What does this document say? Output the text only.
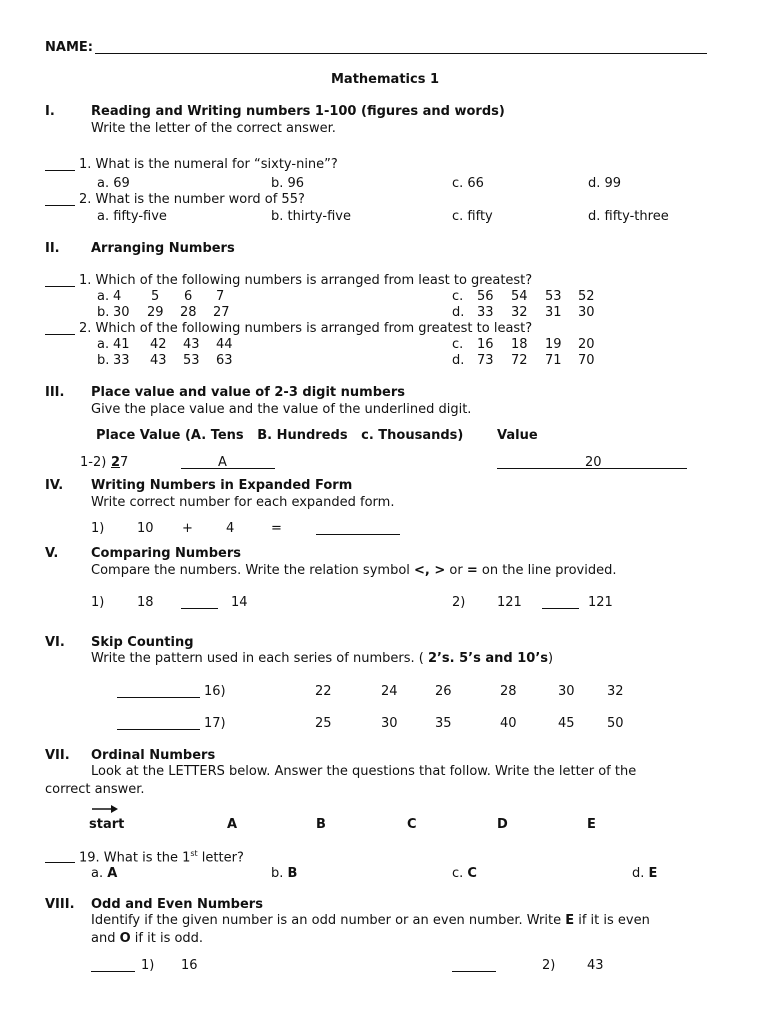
NAME:
Mathematics 1
I.	Reading and Writing numbers 1-100 (figures and words)
Write the letter of the correct answer.
1. What is the numeral for “sixty-nine”?
a. 69	b. 96	c. 66	d. 99
2. What is the number word of 55?
a. fifty-five	b. thirty-five	c. fifty	d. fifty-three
II. Arranging Numbers
1. Which of the following numbers is arranged from least to greatest?
a. 4 5 6 7	c. 56 54 53 52
b. 30 29 28 27	d. 33 32 31 30
2. Which of the following numbers is arranged from greatest to least?
a. 41 42 43 44	c. 16 18 19 20
b. 33 43 53 63	d. 73 72 71 70
III. Place value and value of 2-3 digit numbers
Give the place value and the value of the underlined digit.
Place Value (A. Tens   B. Hundreds   c. Thousands)	Value
1-2) 2 7	A	20
IV. Writing Numbers in Expanded Form
Write correct number for each expanded form.
1)	10 +	4	=
V.	Comparing Numbers
Compare the numbers. Write the relation symbol <, > or = on the line provided.
1)	18	14	2) 121	121
VI. Skip Counting
Write the pattern used in each series of numbers. ( 2’s. 5’s and 10’s)
16)	22	24	26	28	30 32
17)	25	30	35	40	45 50
VII. Ordinal Numbers
Look at the LETTERS below. Answer the questions that follow. Write the letter of the
correct answer.
start	A	B	C	D	E
19. What is the 1st letter?
a. A	b. B	c. C	d. E
VIII. Odd and Even Numbers
Identify if the given number is an odd number or an even number. Write E if it is even
and O if it is odd.
1) 16	2) 43
